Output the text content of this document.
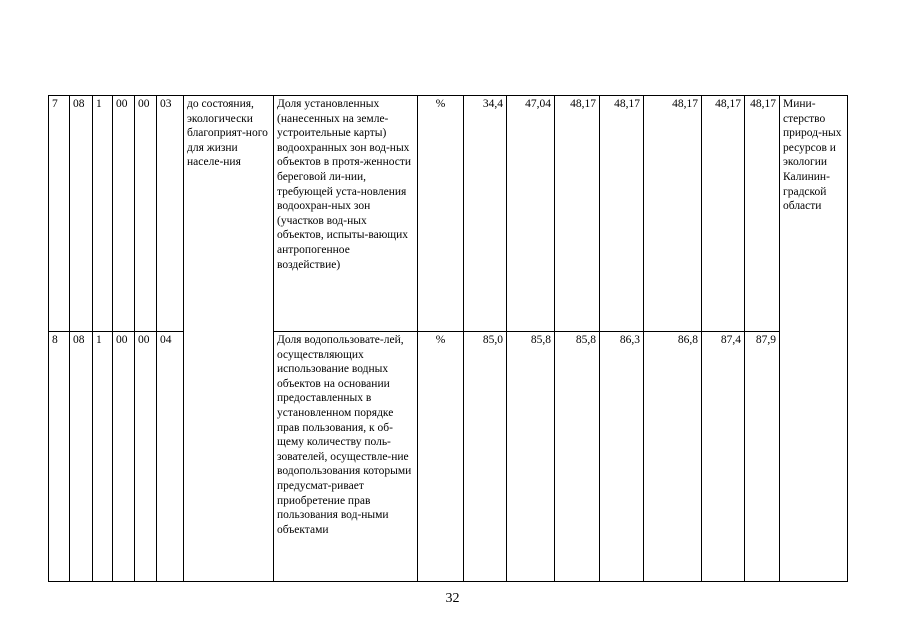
7	08	1	00	00	03	до состояния, экологически благоприят-ного для жизни населе-ния	Доля установленных (нанесенных на земле-устроительные карты) водоохранных зон вод-ных объектов в протя-женности береговой ли-нии, требующей уста-новления водоохран-ных зон (участков вод-ных объектов, испыты-вающих антропогенное воздействие)	%	34,4	47,04	48,17	48,17	48,17	48,17	48,17	Мини-стерство природ-ных ресурсов и экологии Калинин-градской области
8	08	1	00	00	04		Доля водопользовате-лей, осуществляющих использование водных объектов на основании предоставленных в установленном порядке прав пользования, к об-щему количеству поль-зователей, осуществле-ние водопользования которыми предусмат-ривает приобретение прав пользования вод-ными объектами	%	85,0	85,8	85,8	86,3	86,8	87,4	87,9	
32
